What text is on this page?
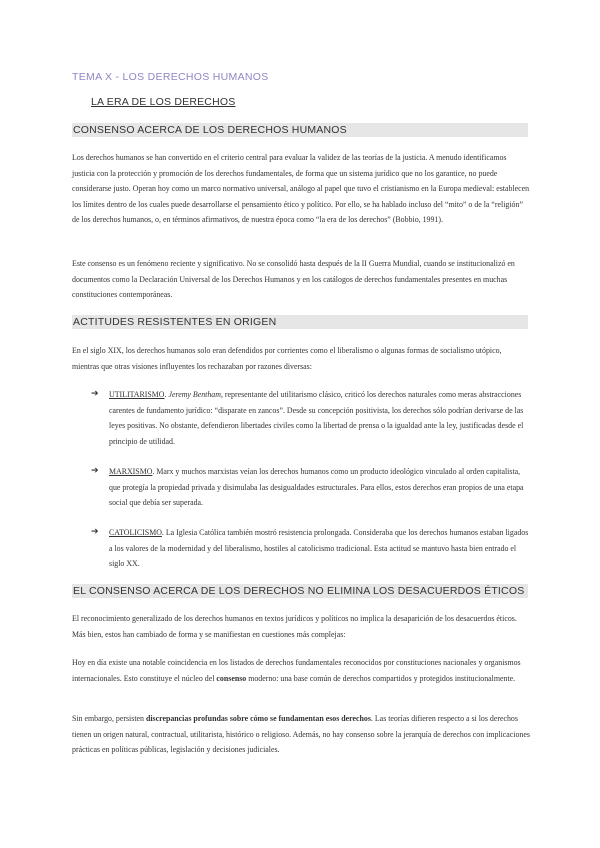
TEMA X - LOS DERECHOS HUMANOS
LA ERA DE LOS DERECHOS
CONSENSO ACERCA DE LOS DERECHOS HUMANOS

Los derechos humanos se han convertido en el criterio central para evaluar la validez de las teorías de la justicia. A menudo identificamos justicia con la protección y promoción de los derechos fundamentales, de forma que un sistema jurídico que no los garantice, no puede considerarse justo. Operan hoy como un marco normativo universal, análogo al papel que tuvo el cristianismo en la Europa medieval: establecen los límites dentro de los cuales puede desarrollarse el pensamiento ético y político. Por ello, se ha hablado incluso del “mito” o de la “religión” de los derechos humanos, o, en términos afirmativos, de nuestra época como “la era de los derechos” (Bobbio, 1991).

Este consenso es un fenómeno reciente y significativo. No se consolidó hasta después de la II Guerra Mundial, cuando se institucionalizó en documentos como la Declaración Universal de los Derechos Humanos y en los catálogos de derechos fundamentales presentes en muchas constituciones contemporáneas.

ACTITUDES RESISTENTES EN ORIGEN

En el siglo XIX, los derechos humanos solo eran defendidos por corrientes como el liberalismo o algunas formas de socialismo utópico, mientras que otras visiones influyentes los rechazaban por razones diversas:

➔ UTILITARISMO. Jeremy Bentham, representante del utilitarismo clásico, criticó los derechos naturales como meras abstracciones carentes de fundamento jurídico: “disparate en zancos”. Desde su concepción positivista, los derechos sólo podrían derivarse de las leyes positivas. No obstante, defendieron libertades civiles como la libertad de prensa o la igualdad ante la ley, justificadas desde el principio de utilidad.
➔ MARXISMO. Marx y muchos marxistas veían los derechos humanos como un producto ideológico vinculado al orden capitalista, que protegía la propiedad privada y disimulaba las desigualdades estructurales. Para ellos, estos derechos eran propios de una etapa social que debía ser superada.
➔ CATOLICISMO. La Iglesia Católica también mostró resistencia prolongada. Consideraba que los derechos humanos estaban ligados a los valores de la modernidad y del liberalismo, hostiles al catolicismo tradicional. Esta actitud se mantuvo hasta bien entrado el siglo XX.
EL CONSENSO ACERCA DE LOS DERECHOS NO ELIMINA LOS DESACUERDOS ÉTICOS

El reconocimiento generalizado de los derechos humanos en textos jurídicos y políticos no implica la desaparición de los desacuerdos éticos. Más bien, estos han cambiado de forma y se manifiestan en cuestiones más complejas:

Hoy en día existe una notable coincidencia en los listados de derechos fundamentales reconocidos por constituciones nacionales y organismos internacionales. Esto constituye el núcleo del consenso moderno: una base común de derechos compartidos y protegidos institucionalmente.

Sin embargo, persisten discrepancias profundas sobre cómo se fundamentan esos derechos. Las teorías difieren respecto a si los derechos tienen un origen natural, contractual, utilitarista, histórico o religioso. Además, no hay consenso sobre la jerarquía de derechos con implicaciones prácticas en políticas públicas, legislación y decisiones judiciales.
